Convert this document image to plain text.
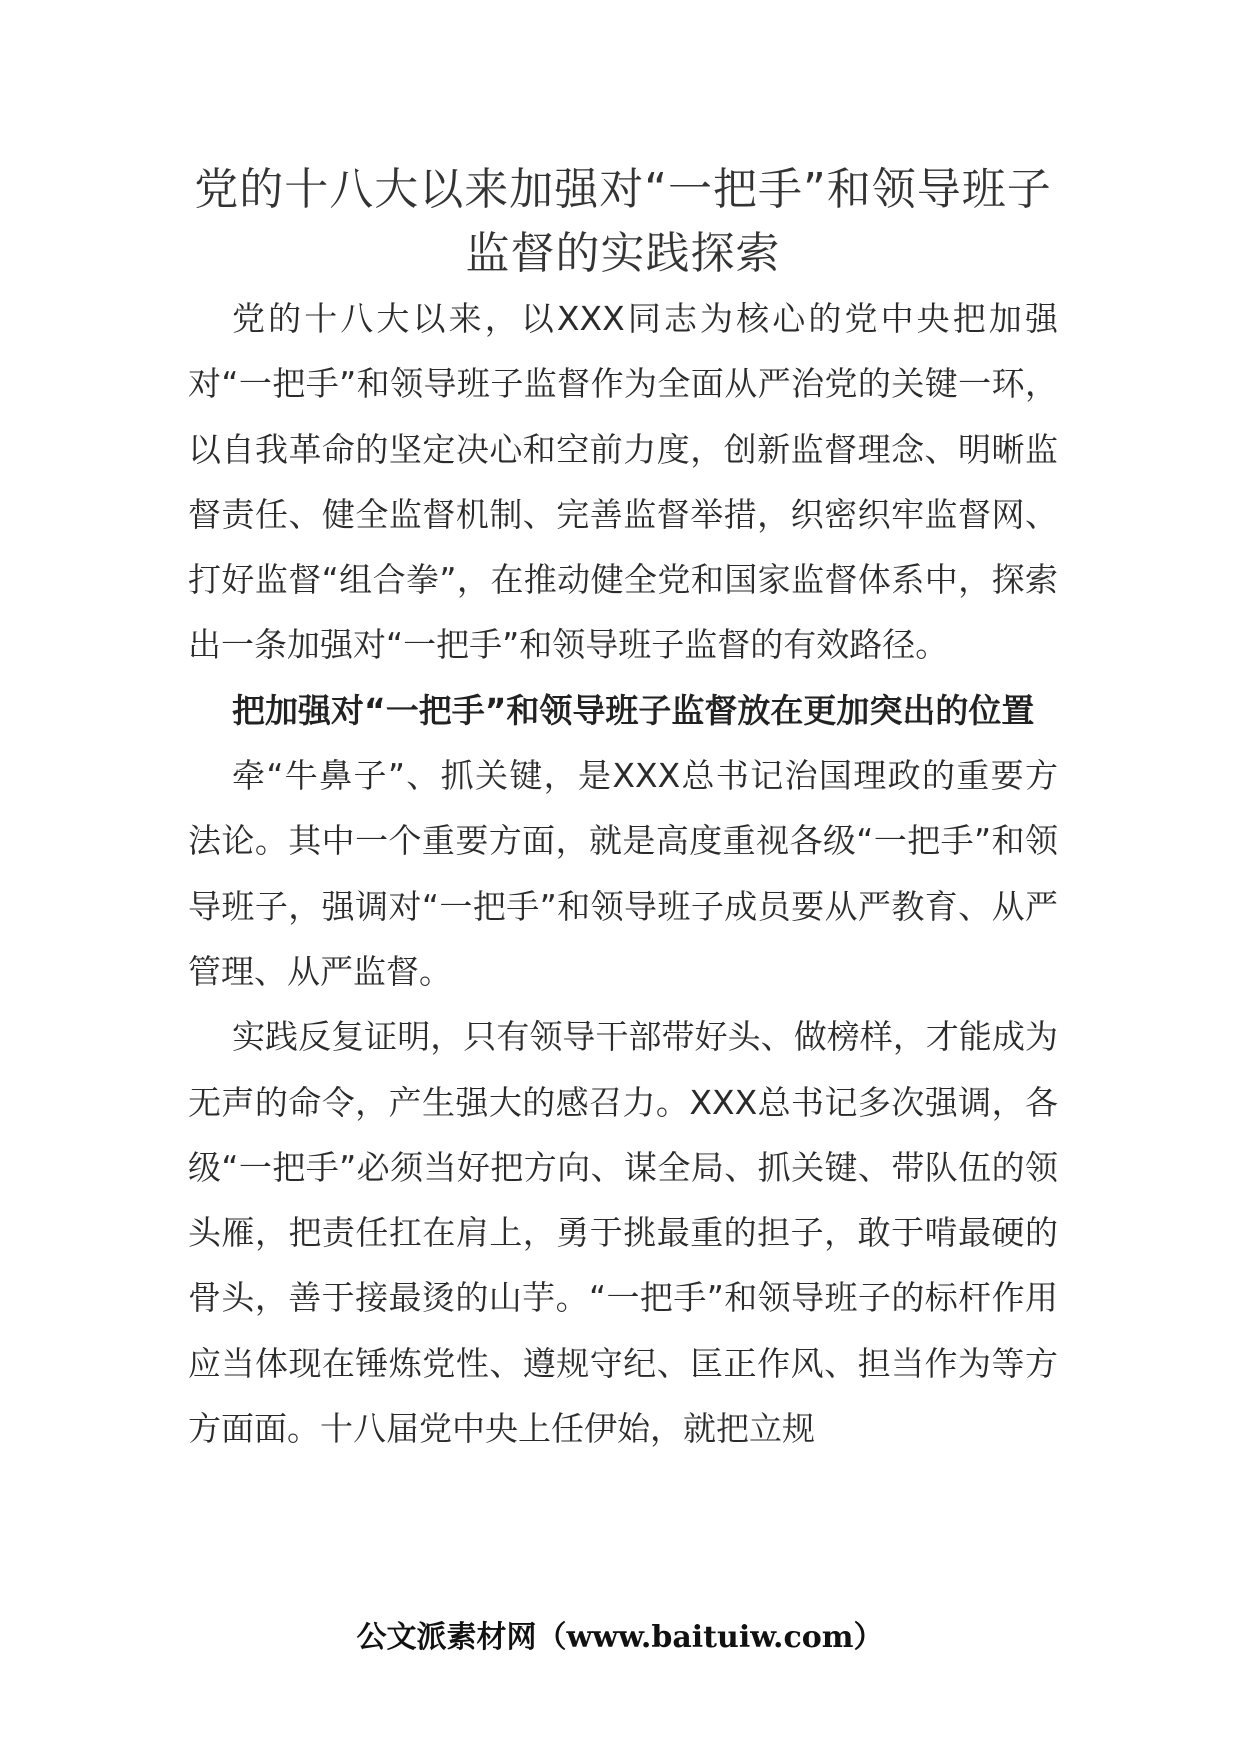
党的十八大以来加强对“一把手”和领导班子监督的实践探索

党的十八大以来，以XXX同志为核心的党中央把加强对“一把手”和领导班子监督作为全面从严治党的关键一环，以自我革命的坚定决心和空前力度，创新监督理念、明晰监督责任、健全监督机制、完善监督举措，织密织牢监督网、打好监督“组合拳”，在推动健全党和国家监督体系中，探索出一条加强对“一把手”和领导班子监督的有效路径。

把加强对“一把手”和领导班子监督放在更加突出的位置

牵“牛鼻子”、抓关键，是XXX总书记治国理政的重要方法论。其中一个重要方面，就是高度重视各级“一把手”和领导班子，强调对“一把手”和领导班子成员要从严教育、从严管理、从严监督。

实践反复证明，只有领导干部带好头、做榜样，才能成为无声的命令，产生强大的感召力。XXX总书记多次强调，各级“一把手”必须当好把方向、谋全局、抓关键、带队伍的领头雁，把责任扛在肩上，勇于挑最重的担子，敢于啃最硬的骨头，善于接最烫的山芋。“一把手”和领导班子的标杆作用应当体现在锤炼党性、遵规守纪、匡正作风、担当作为等方方面面。十八届党中央上任伊始，就把立规

公文派素材网（www.baituiw.com）
